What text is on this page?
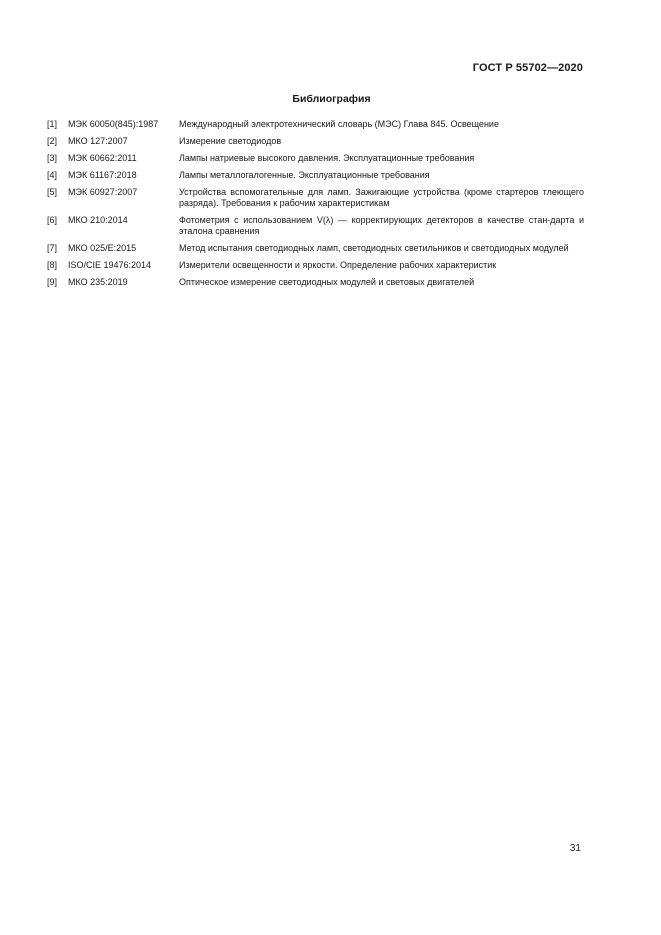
ГОСТ Р 55702—2020
Библиография
[1]	МЭК 60050(845):1987	Международный электротехнический словарь (МЭС) Глава 845. Освещение
[2]	МКО 127:2007	Измерение светодиодов
[3]	МЭК 60662:2011	Лампы натриевые высокого давления. Эксплуатационные требования
[4]	МЭК 61167:2018	Лампы металлогалогенные. Эксплуатационные требования
[5]	МЭК 60927:2007	Устройства вспомогательные для ламп. Зажигающие устройства (кроме стартеров тлеющего разряда). Требования к рабочим характеристикам
[6]	МКО 210:2014	Фотометрия с использованием V(λ) — корректирующих детекторов в качестве стан-дарта и эталона сравнения
[7]	МКО 025/E:2015	Метод испытания светодиодных ламп, светодиодных светильников и светодиодных модулей
[8]	ISO/CIE 19476:2014	Измерители освещенности и яркости. Определение рабочих характеристик
[9]	МКО 235:2019	Оптическое измерение светодиодных модулей и световых двигателей
31
